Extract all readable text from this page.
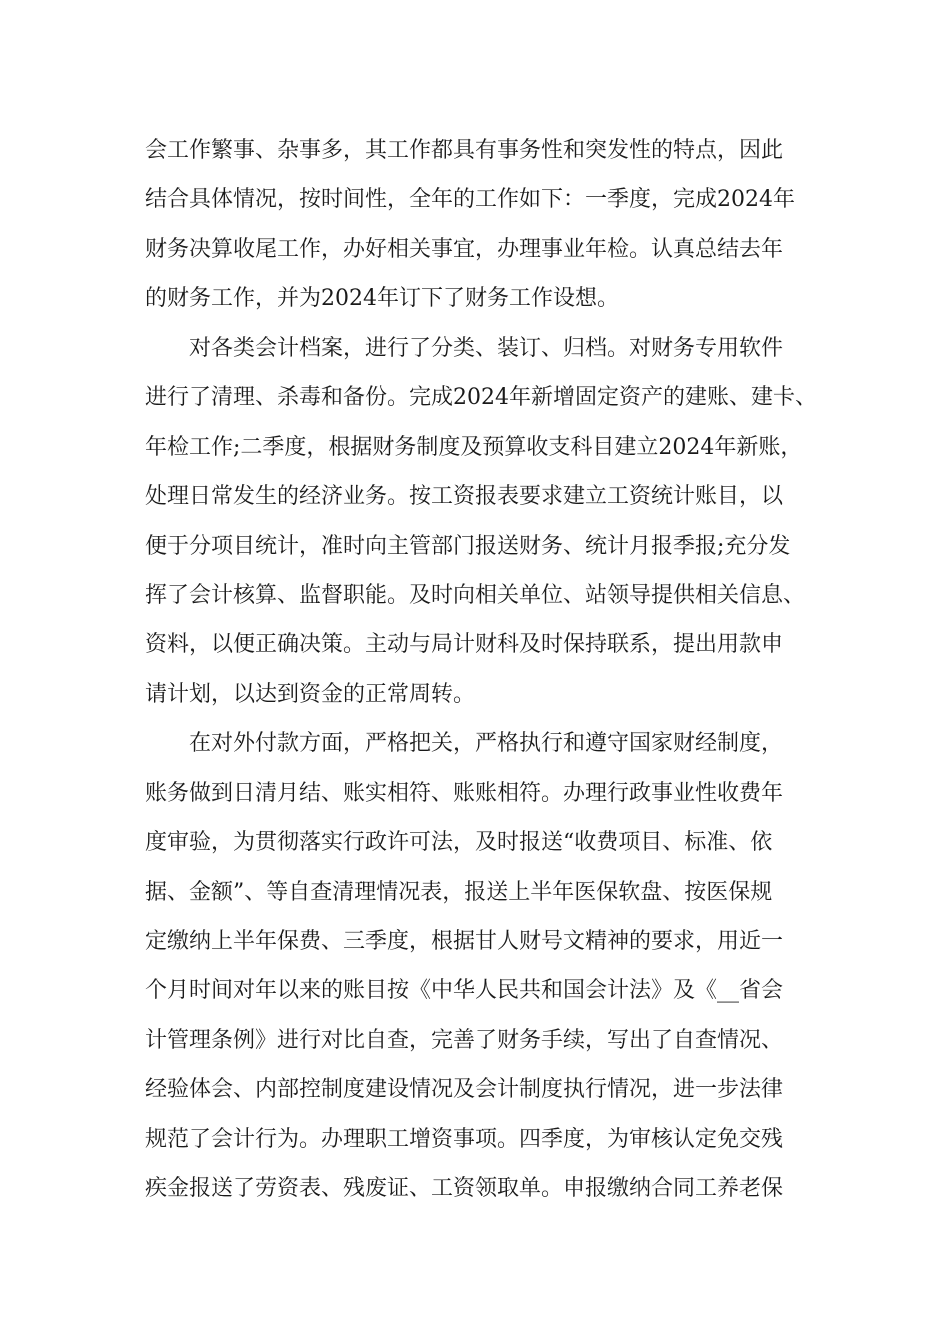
会工作繁事、杂事多，其工作都具有事务性和突发性的特点，因此
结合具体情况，按时间性，全年的工作如下：一季度，完成2024年
财务决算收尾工作，办好相关事宜，办理事业年检。认真总结去年
的财务工作，并为2024年订下了财务工作设想。
对各类会计档案，进行了分类、装订、归档。对财务专用软件
进行了清理、杀毒和备份。完成2024年新增固定资产的建账、建卡、
年检工作;二季度，根据财务制度及预算收支科目建立2024年新账，
处理日常发生的经济业务。按工资报表要求建立工资统计账目，以
便于分项目统计，准时向主管部门报送财务、统计月报季报;充分发
挥了会计核算、监督职能。及时向相关单位、站领导提供相关信息、
资料，以便正确决策。主动与局计财科及时保持联系，提出用款申
请计划，以达到资金的正常周转。
在对外付款方面，严格把关，严格执行和遵守国家财经制度，
账务做到日清月结、账实相符、账账相符。办理行政事业性收费年
度审验，为贯彻落实行政许可法，及时报送“收费项目、标准、依
据、金额”、等自查清理情况表，报送上半年医保软盘、按医保规
定缴纳上半年保费、三季度，根据甘人财号文精神的要求，用近一
个月时间对年以来的账目按《中华人民共和国会计法》及《__省会
计管理条例》进行对比自查，完善了财务手续，写出了自查情况、
经验体会、内部控制度建设情况及会计制度执行情况，进一步法律
规范了会计行为。办理职工增资事项。四季度，为审核认定免交残
疾金报送了劳资表、残废证、工资领取单。申报缴纳合同工养老保
